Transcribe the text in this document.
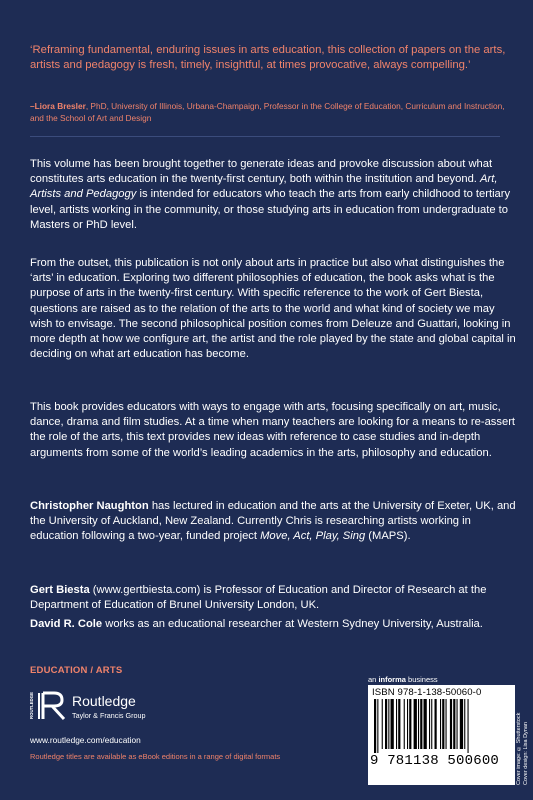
‘Reframing fundamental, enduring issues in arts education, this collection of papers on the arts, artists and pedagogy is fresh, timely, insightful, at times provocative, always compelling.’
–Liora Bresler, PhD, University of Illinois, Urbana-Champaign, Professor in the College of Education, Curriculum and Instruction, and the School of Art and Design
This volume has been brought together to generate ideas and provoke discussion about what constitutes arts education in the twenty-first century, both within the institution and beyond. Art, Artists and Pedagogy is intended for educators who teach the arts from early childhood to tertiary level, artists working in the community, or those studying arts in education from undergraduate to Masters or PhD level.
From the outset, this publication is not only about arts in practice but also what distinguishes the ‘arts’ in education. Exploring two different philosophies of education, the book asks what is the purpose of arts in the twenty-first century. With specific reference to the work of Gert Biesta, questions are raised as to the relation of the arts to the world and what kind of society we may wish to envisage. The second philosophical position comes from Deleuze and Guattari, looking in more depth at how we configure art, the artist and the role played by the state and global capital in deciding on what art education has become.
This book provides educators with ways to engage with arts, focusing specifically on art, music, dance, drama and film studies. At a time when many teachers are looking for a means to re-assert the role of the arts, this text provides new ideas with reference to case studies and in-depth arguments from some of the world’s leading academics in the arts, philosophy and education.
Christopher Naughton has lectured in education and the arts at the University of Exeter, UK, and the University of Auckland, New Zealand. Currently Chris is researching artists working in education following a two-year, funded project Move, Act, Play, Sing (MAPS).
Gert Biesta (www.gertbiesta.com) is Professor of Education and Director of Research at the Department of Education of Brunel University London, UK.
David R. Cole works as an educational researcher at Western Sydney University, Australia.
EDUCATION / ARTS
ROUTLEDGE	Routledge
Taylor & Francis Group
www.routledge.com/education
Routledge titles are available as eBook editions in a range of digital formats
an informa business
ISBN 978-1-138-50060-0
9 781138 500600	Cover image: © Shutterstock Cover design: Lisa Dynan
